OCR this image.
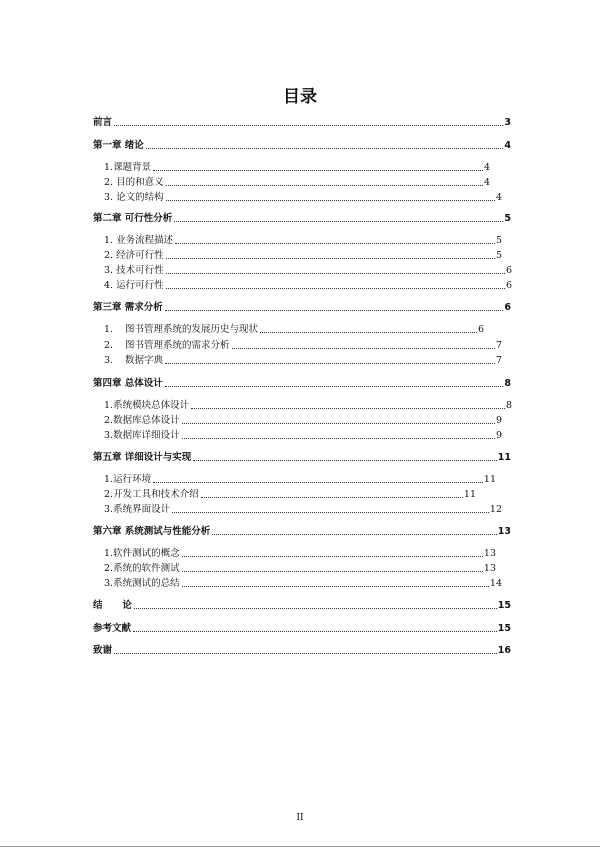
目录
前言	3
第一章 绪论	4
1.课题背景	4
2. 目的和意义	4
3. 论文的结构	4
第二章 可行性分析	5
1. 业务流程描述	5
2. 经济可行性	5
3. 技术可行性	6
4. 运行可行性	6
第三章 需求分析	6
1.	图书管理系统的发展历史与现状	6
2.	图书管理系统的需求分析	7
3.	数据字典	7
第四章 总体设计	8
1.系统模块总体设计	8
2.数据库总体设计	9
3.数据库详细设计	9
第五章 详细设计与实现	11
1.运行环境	11
2.开发工具和技术介绍	11
3.系统界面设计	12
第六章 系统测试与性能分析	13
1.软件测试的概念	13
2.系统的软件测试	13
3.系统测试的总结	14
结      论	15
参考文献	15
致谢	16
II
